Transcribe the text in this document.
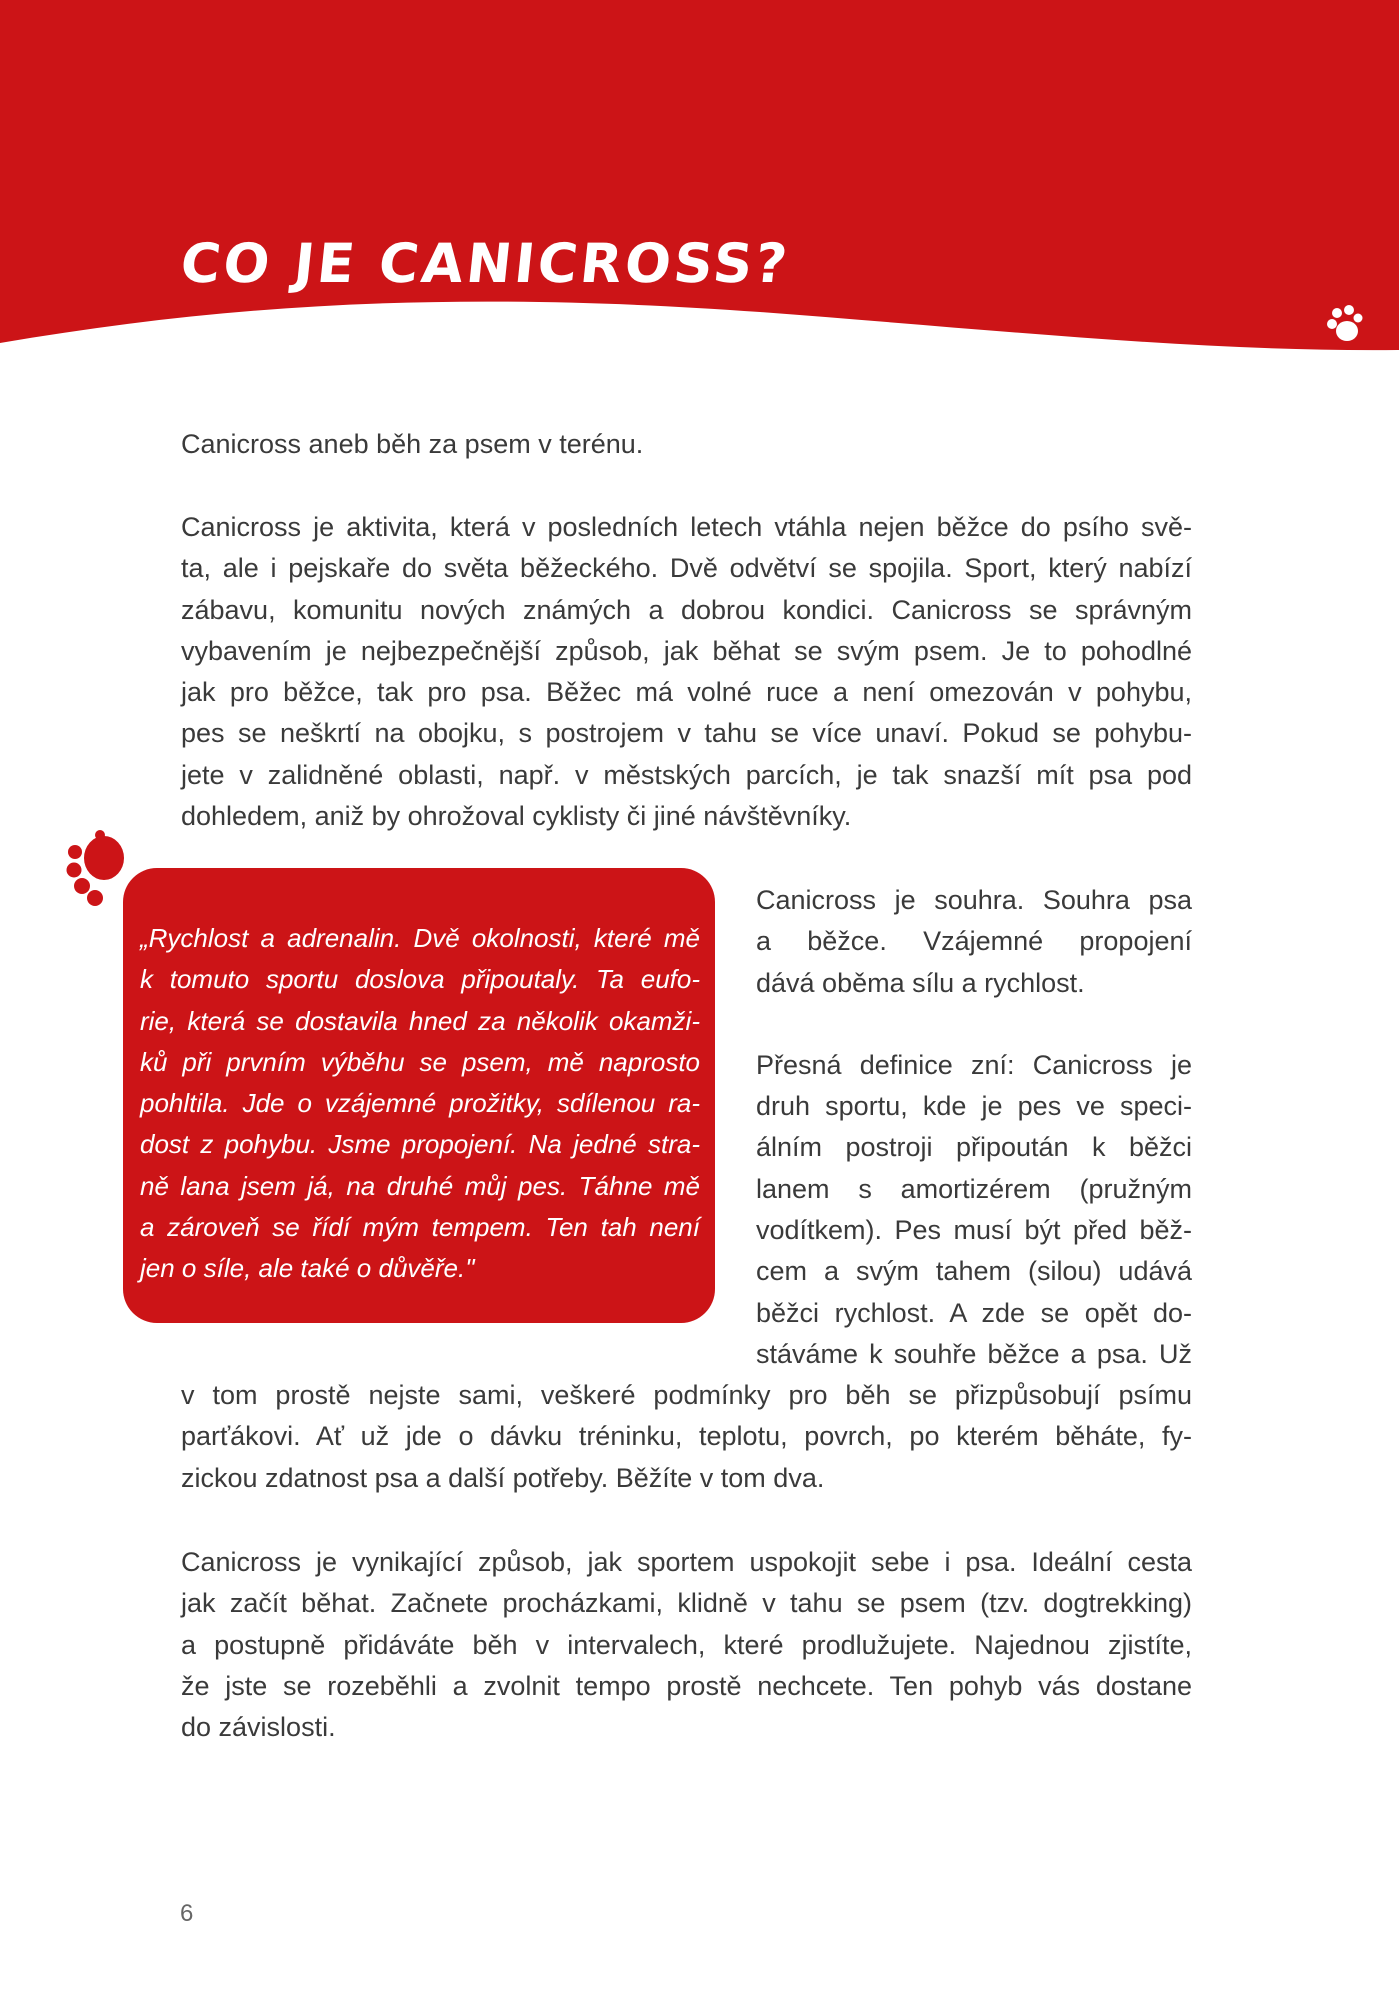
CO JE CANICROSS?
Canicross aneb běh za psem v terénu.
Canicross je aktivita, která v posledních letech vtáhla nejen běžce do psího svě-
ta, ale i pejskaře do světa běžeckého. Dvě odvětví se spojila. Sport, který nabízí
zábavu, komunitu nových známých a dobrou kondici. Canicross se správným
vybavením je nejbezpečnější způsob, jak běhat se svým psem. Je to pohodlné
jak pro běžce, tak pro psa. Běžec má volné ruce a není omezován v pohybu,
pes se neškrtí na obojku, s postrojem v tahu se více unaví. Pokud se pohybu-
jete v zalidněné oblasti, např. v městských parcích, je tak snazší mít psa pod
dohledem, aniž by ohrožoval cyklisty či jiné návštěvníky.
„Rychlost a adrenalin. Dvě okolnosti, které mě
k tomuto sportu doslova připoutaly. Ta eufo-
rie, která se dostavila hned za několik okamži-
ků při prvním výběhu se psem, mě naprosto
pohltila. Jde o vzájemné prožitky, sdílenou ra-
dost z pohybu. Jsme propojení. Na jedné stra-
ně lana jsem já, na druhé můj pes. Táhne mě
a zároveň se řídí mým tempem. Ten tah není
jen o síle, ale také o důvěře."
Canicross je souhra. Souhra psa
a běžce. Vzájemné propojení
dává oběma sílu a rychlost.
Přesná definice zní: Canicross je
druh sportu, kde je pes ve speci-
álním postroji připoután k běžci
lanem s amortizérem (pružným
vodítkem). Pes musí být před běž-
cem a svým tahem (silou) udává
běžci rychlost. A zde se opět do-
stáváme k souhře běžce a psa. Už
v tom prostě nejste sami, veškeré podmínky pro běh se přizpůsobují psímu
parťákovi. Ať už jde o dávku tréninku, teplotu, povrch, po kterém běháte, fy-
zickou zdatnost psa a další potřeby. Běžíte v tom dva.
Canicross je vynikající způsob, jak sportem uspokojit sebe i psa. Ideální cesta
jak začít běhat. Začnete procházkami, klidně v tahu se psem (tzv. dogtrekking)
a postupně přidáváte běh v intervalech, které prodlužujete. Najednou zjistíte,
že jste se rozeběhli a zvolnit tempo prostě nechcete. Ten pohyb vás dostane
do závislosti.
6
